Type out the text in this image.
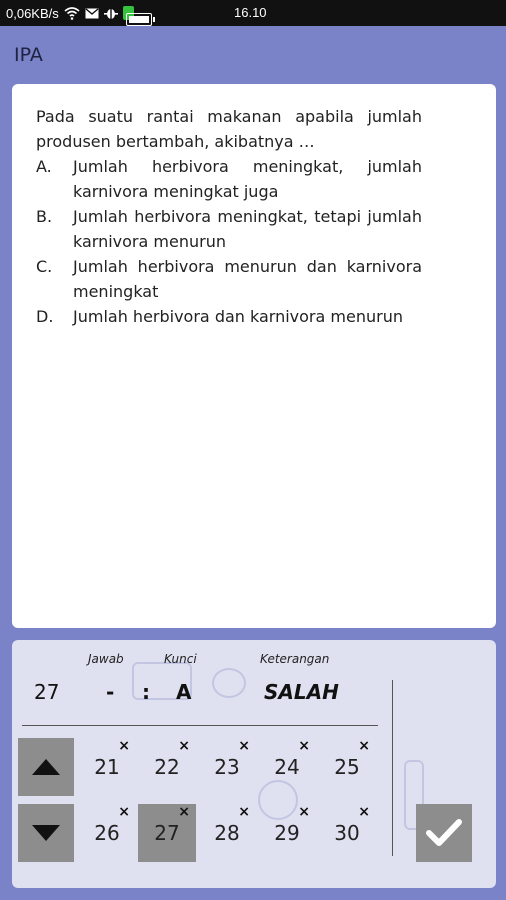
0,06KB/s	16.10
IPA
Pada suatu rantai makanan apabila jumlah produsen bertambah, akibatnya …
A.	Jumlah herbivora meningkat, jumlah karnivora meningkat juga
B.	Jumlah herbivora meningkat, tetapi jumlah karnivora menurun
C.	Jumlah herbivora menurun dan karnivora meningkat
D.	Jumlah herbivora dan karnivora menurun
Jawab	Kunci	Keterangan
27 - : A	SALAH
21
×
22
×
23
×
24
×
25
×
26
×
27
×
28
×
29
×
30
×
